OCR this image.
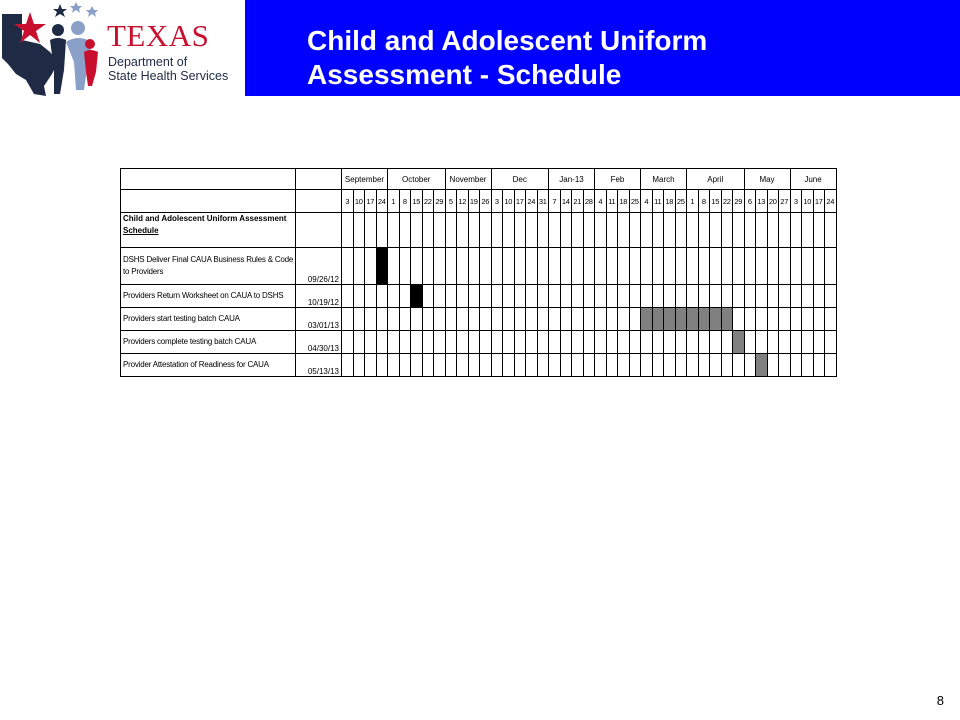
TEXAS
Department of
State Health Services
Child and Adolescent Uniform
Assessment - Schedule
		September				October					November				Dec					Jan-13				Feb				March				April					May				June			
		3	10	17	24	1	8	15	22	29	5	12	19	26	3	10	17	24	31	7	14	21	28	4	11	18	25	4	11	18	25	1	8	15	22	29	6	13	20	27	3	10	17	24

Child and Adolescent Uniform Assessment
Schedule																																												
DSHS Deliver Final CAUA Business Rules & Code to Providers	09/26/12																																											
Providers Return Worksheet on CAUA to DSHS	10/19/12																																											
Providers start testing batch CAUA	03/01/13																																											
Providers complete testing batch CAUA	04/30/13																																											
Provider Attestation of Readiness for CAUA	05/13/13																																											
8
